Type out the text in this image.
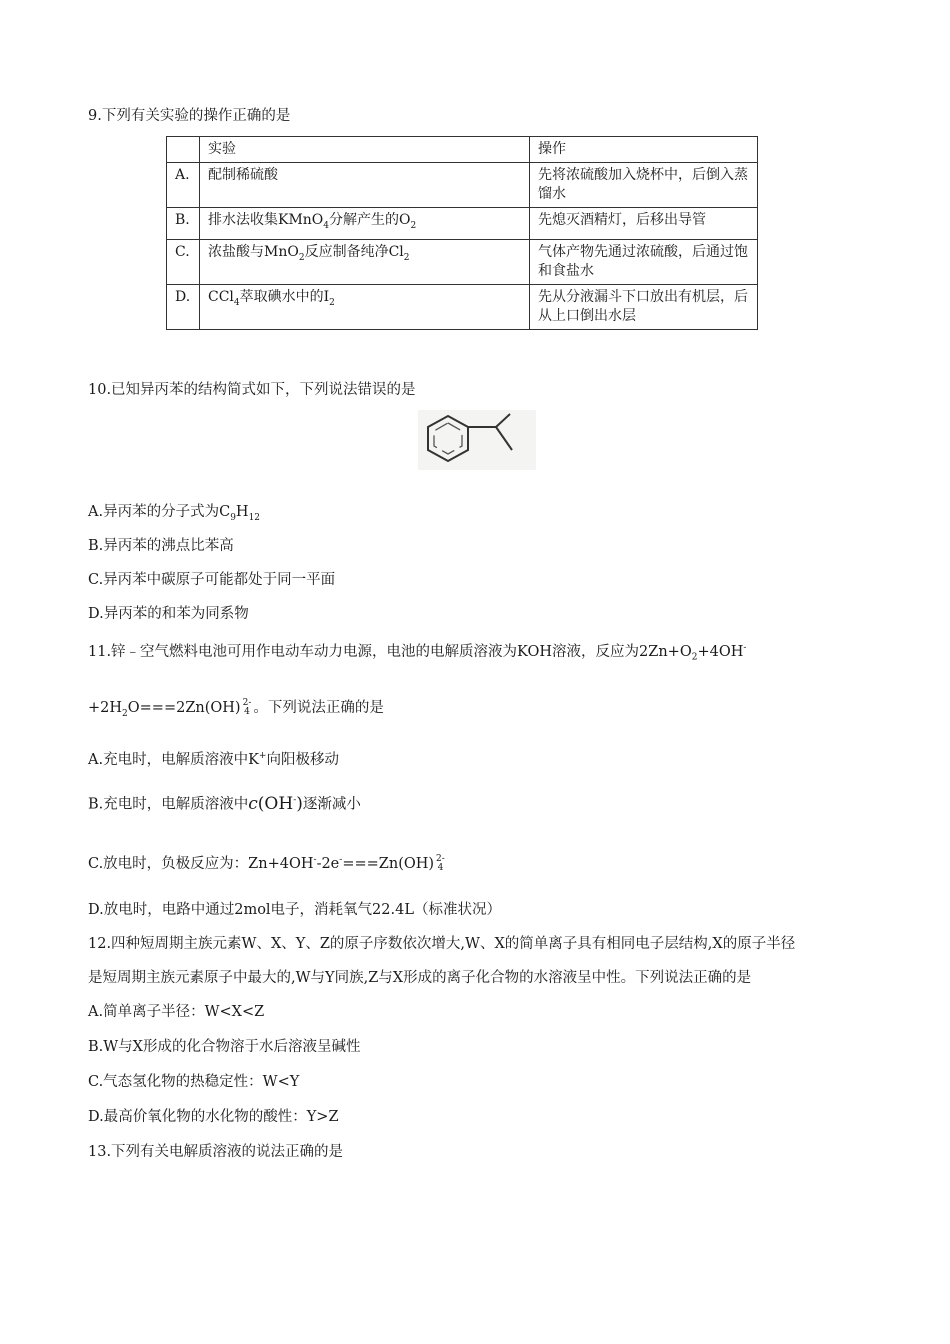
9.下列有关实验的操作正确的是
	实验	操作
A.	配制稀硫酸	先将浓硫酸加入烧杯中，后倒入蒸馏水
B.	排水法收集KMnO$_4$分解产生的$O_2$	先熄灭酒精灯，后移出导管
C.	浓盐酸与MnO$_2$反应制备纯净$Cl_2$	气体产物先通过浓硫酸，后通过饱和食盐水
D.	CCl$_4$萃取碘水中的$I_2$	先从分液漏斗下口放出有机层，后从上口倒出水层
10.已知异丙苯的结构简式如下，下列说法错误的是
A.异丙苯的分子式为$C_9H_{12}$
B.异丙苯的沸点比苯高
C.异丙苯中碳原子可能都处于同一平面
D.异丙苯的和苯为同系物
11.锌﹣空气燃料电池可用作电动车动力电源，电池的电解质溶液为KOH溶液，反应为$2Zn+O_2+4OH^-$
$+2H_2O===2Zn(OH)$ 2-
4 。下列说法正确的是
A.充电时，电解质溶液中K+向阳极移动
B.充电时，电解质溶液中c(OH-)逐渐减小
C.放电时，负极反应为：Zn+4OH--2e-===Zn(OH) 2-
4
D.放电时，电路中通过2mol电子，消耗氧气22.4L（标准状况）
12.四种短周期主族元素W、X、Y、Z的原子序数依次增大,W、X的简单离子具有相同电子层结构,X的原子半径
是短周期主族元素原子中最大的,W与Y同族,Z与X形成的离子化合物的水溶液呈中性。下列说法正确的是
A.简单离子半径：W<X<Z
B.W与X形成的化合物溶于水后溶液呈碱性
C.气态氢化物的热稳定性：W<Y
D.最高价氧化物的水化物的酸性：Y>Z
13.下列有关电解质溶液的说法正确的是
